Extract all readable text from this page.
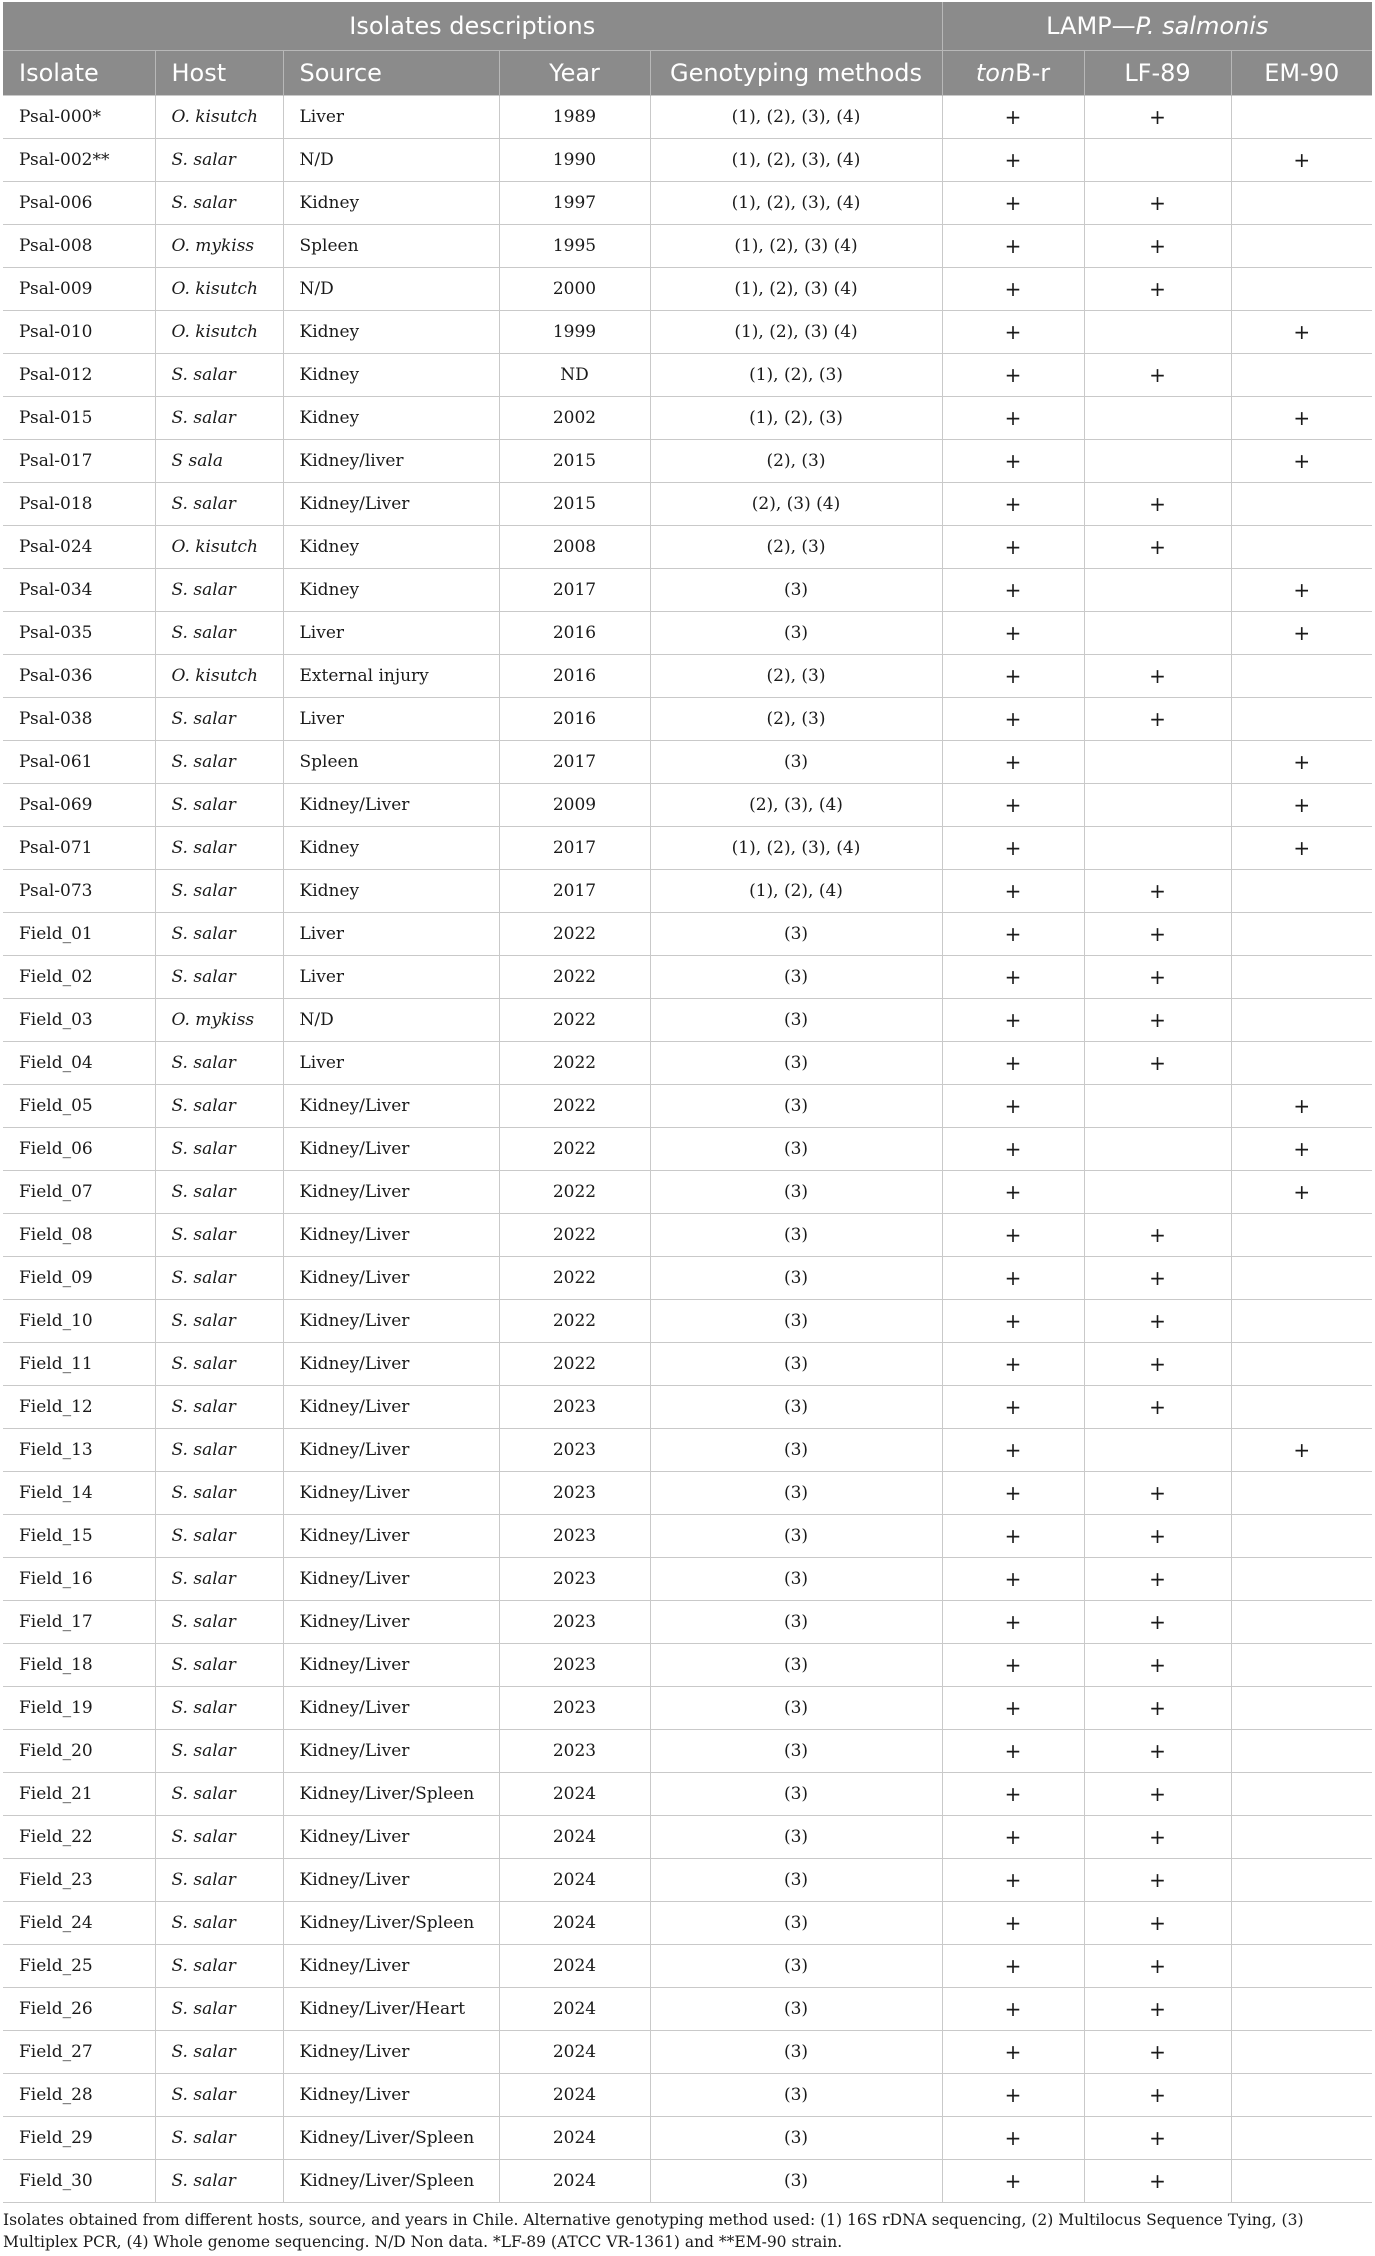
Isolates descriptions					LAMP—P. salmonis		
Isolate	Host	Source	Year	Genotyping methods	tonB-r	LF-89	EM-90
Psal-000*	O. kisutch	Liver	1989	(1), (2), (3), (4)	+	+	
Psal-002**	S. salar	N/D	1990	(1), (2), (3), (4)	+		+
Psal-006	S. salar	Kidney	1997	(1), (2), (3), (4)	+	+	
Psal-008	O. mykiss	Spleen	1995	(1), (2), (3) (4)	+	+	
Psal-009	O. kisutch	N/D	2000	(1), (2), (3) (4)	+	+	
Psal-010	O. kisutch	Kidney	1999	(1), (2), (3) (4)	+		+
Psal-012	S. salar	Kidney	ND	(1), (2), (3)	+	+	
Psal-015	S. salar	Kidney	2002	(1), (2), (3)	+		+
Psal-017	S sala	Kidney/liver	2015	(2), (3)	+		+
Psal-018	S. salar	Kidney/Liver	2015	(2), (3) (4)	+	+	
Psal-024	O. kisutch	Kidney	2008	(2), (3)	+	+	
Psal-034	S. salar	Kidney	2017	(3)	+		+
Psal-035	S. salar	Liver	2016	(3)	+		+
Psal-036	O. kisutch	External injury	2016	(2), (3)	+	+	
Psal-038	S. salar	Liver	2016	(2), (3)	+	+	
Psal-061	S. salar	Spleen	2017	(3)	+		+
Psal-069	S. salar	Kidney/Liver	2009	(2), (3), (4)	+		+
Psal-071	S. salar	Kidney	2017	(1), (2), (3), (4)	+		+
Psal-073	S. salar	Kidney	2017	(1), (2), (4)	+	+	
Field_01	S. salar	Liver	2022	(3)	+	+	
Field_02	S. salar	Liver	2022	(3)	+	+	
Field_03	O. mykiss	N/D	2022	(3)	+	+	
Field_04	S. salar	Liver	2022	(3)	+	+	
Field_05	S. salar	Kidney/Liver	2022	(3)	+		+
Field_06	S. salar	Kidney/Liver	2022	(3)	+		+
Field_07	S. salar	Kidney/Liver	2022	(3)	+		+
Field_08	S. salar	Kidney/Liver	2022	(3)	+	+	
Field_09	S. salar	Kidney/Liver	2022	(3)	+	+	
Field_10	S. salar	Kidney/Liver	2022	(3)	+	+	
Field_11	S. salar	Kidney/Liver	2022	(3)	+	+	
Field_12	S. salar	Kidney/Liver	2023	(3)	+	+	
Field_13	S. salar	Kidney/Liver	2023	(3)	+		+
Field_14	S. salar	Kidney/Liver	2023	(3)	+	+	
Field_15	S. salar	Kidney/Liver	2023	(3)	+	+	
Field_16	S. salar	Kidney/Liver	2023	(3)	+	+	
Field_17	S. salar	Kidney/Liver	2023	(3)	+	+	
Field_18	S. salar	Kidney/Liver	2023	(3)	+	+	
Field_19	S. salar	Kidney/Liver	2023	(3)	+	+	
Field_20	S. salar	Kidney/Liver	2023	(3)	+	+	
Field_21	S. salar	Kidney/Liver/Spleen	2024	(3)	+	+	
Field_22	S. salar	Kidney/Liver	2024	(3)	+	+	
Field_23	S. salar	Kidney/Liver	2024	(3)	+	+	
Field_24	S. salar	Kidney/Liver/Spleen	2024	(3)	+	+	
Field_25	S. salar	Kidney/Liver	2024	(3)	+	+	
Field_26	S. salar	Kidney/Liver/Heart	2024	(3)	+	+	
Field_27	S. salar	Kidney/Liver	2024	(3)	+	+	
Field_28	S. salar	Kidney/Liver	2024	(3)	+	+	
Field_29	S. salar	Kidney/Liver/Spleen	2024	(3)	+	+	
Field_30	S. salar	Kidney/Liver/Spleen	2024	(3)	+	+	
Isolates obtained from different hosts, source, and years in Chile. Alternative genotyping method used: (1) 16S rDNA sequencing, (2) Multilocus Sequence Tying, (3) Multiplex PCR, (4) Whole genome sequencing. N/D Non data. *LF-89 (ATCC VR-1361) and **EM-90 strain.
